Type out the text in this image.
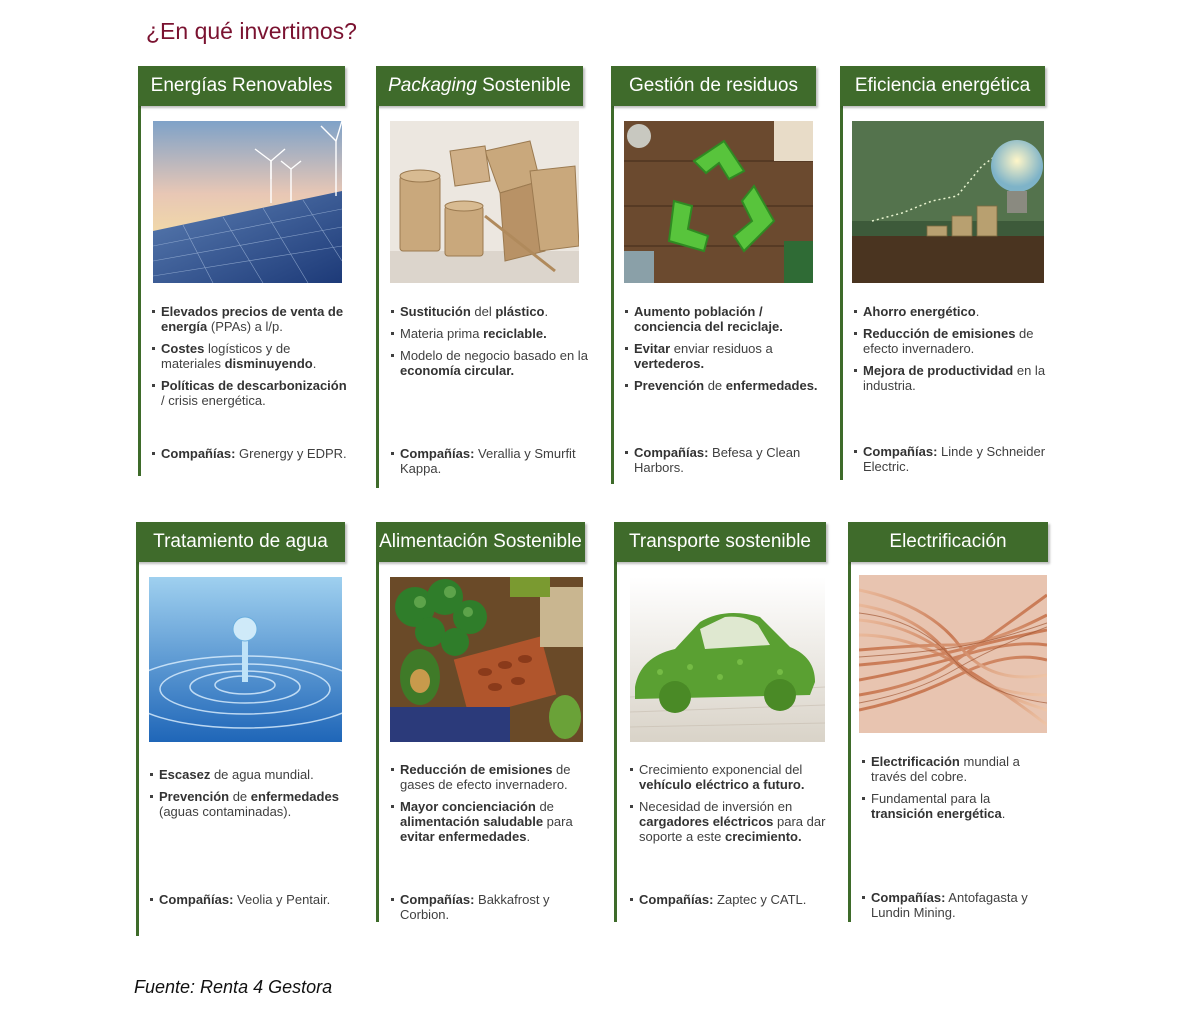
¿En qué invertimos?
Energías Renovables
Elevados precios de venta de energía (PPAs) a l/p.
Costes logísticos y de materiales disminuyendo.
Políticas de descarbonización / crisis energética.
Compañías: Grenergy y EDPR.
Packaging Sostenible
Sustitución del plástico.
Materia prima reciclable.
Modelo de negocio basado en la economía circular.
Compañías: Verallia y Smurfit Kappa.
Gestión de residuos
Aumento población / conciencia del reciclaje.
Evitar enviar residuos a vertederos.
Prevención de enfermedades.
Compañías: Befesa y Clean Harbors.
Eficiencia energética
Ahorro energético.
Reducción de emisiones de efecto invernadero.
Mejora de productividad en la industria.
Compañías: Linde y Schneider Electric.
Tratamiento de agua
Escasez de agua mundial.
Prevención de enfermedades (aguas contaminadas).
Compañías: Veolia y Pentair.
Alimentación Sostenible
Reducción de emisiones de gases de efecto invernadero.
Mayor concienciación de alimentación saludable para evitar enfermedades.
Compañías: Bakkafrost y Corbion.
Transporte sostenible
Crecimiento exponencial del vehículo eléctrico a futuro.
Necesidad de inversión en cargadores eléctricos para dar soporte a este crecimiento.
Compañías: Zaptec y CATL.
Electrificación
Electrificación mundial a través del cobre.
Fundamental para la transición energética.
Compañías: Antofagasta y Lundin Mining.
Fuente: Renta 4 Gestora
